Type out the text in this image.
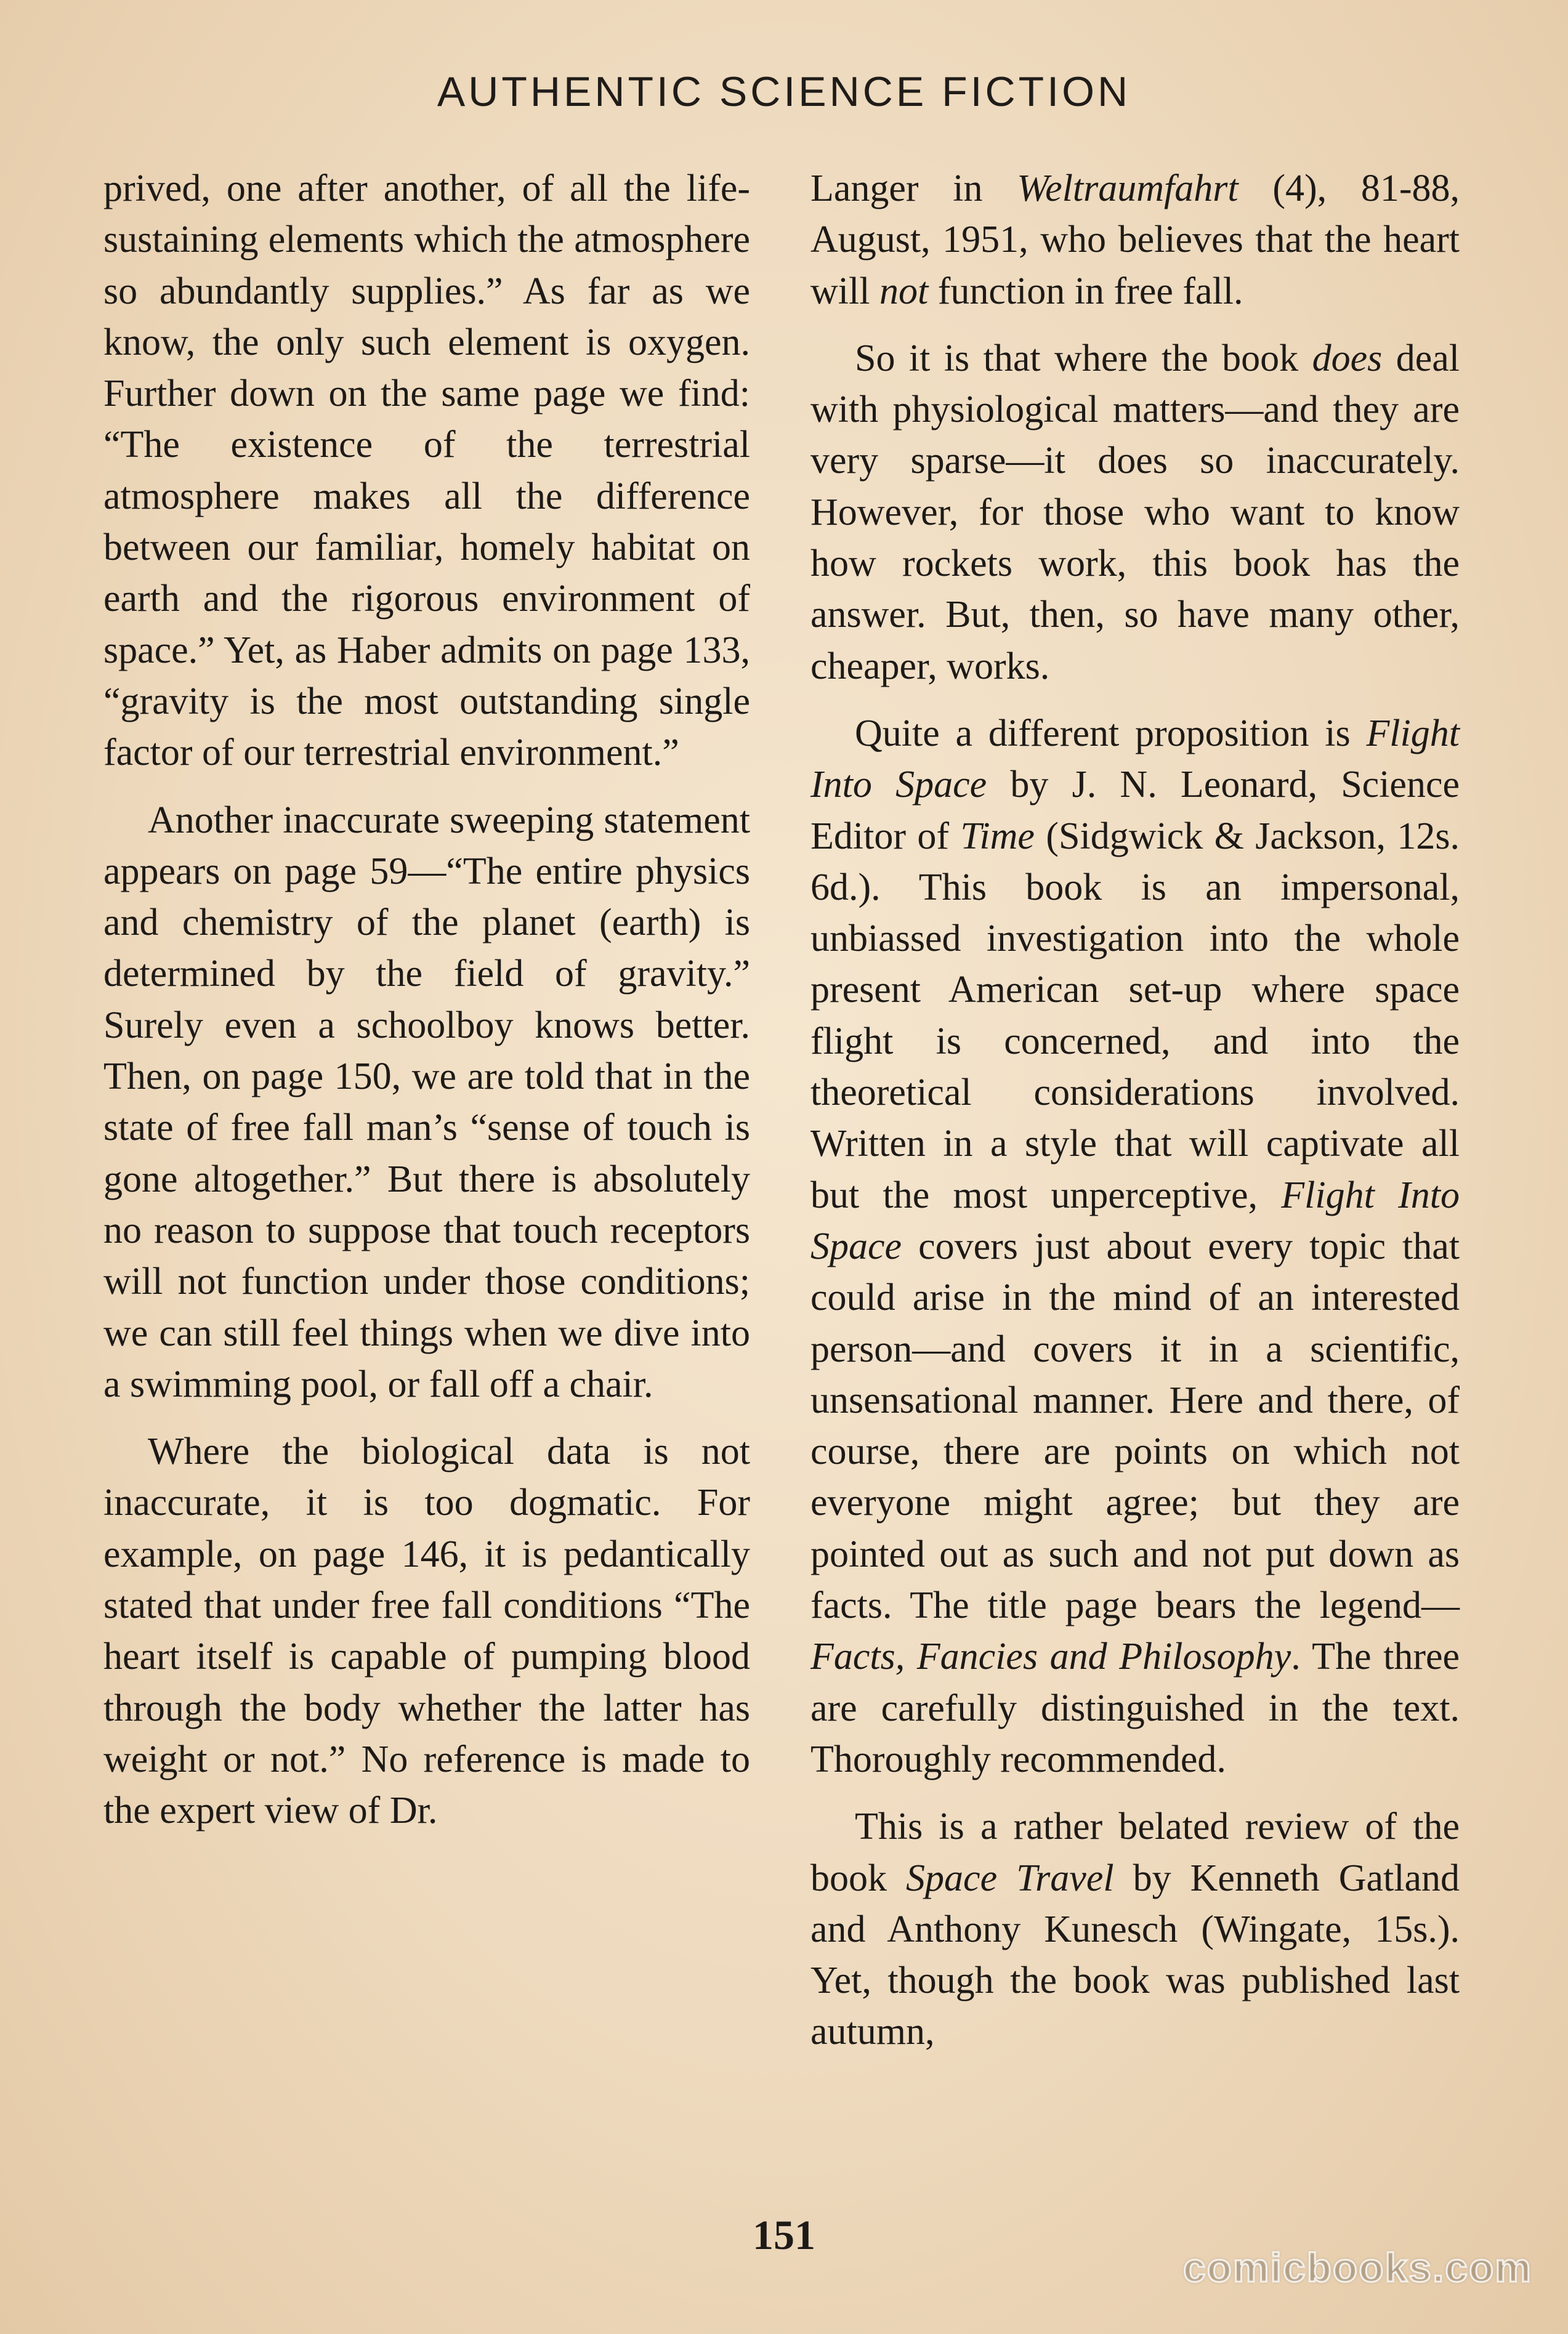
AUTHENTIC SCIENCE FICTION

prived, one after another, of all the life-sustaining elements which the atmosphere so abundantly supplies.” As far as we know, the only such element is oxygen. Further down on the same page we find: “The existence of the terrestrial atmosphere makes all the difference between our familiar, homely habitat on earth and the rigorous environment of space.” Yet, as Haber admits on page 133, “gravity is the most outstanding single factor of our terrestrial environment.”

Another inaccurate sweeping statement appears on page 59—“The entire physics and chemistry of the planet (earth) is determined by the field of gravity.” Surely even a schoolboy knows better. Then, on page 150, we are told that in the state of free fall man’s “sense of touch is gone altogether.” But there is absolutely no reason to suppose that touch receptors will not function under those conditions; we can still feel things when we dive into a swimming pool, or fall off a chair.

Where the biological data is not inaccurate, it is too dogmatic. For example, on page 146, it is pedantically stated that under free fall conditions “The heart itself is capable of pumping blood through the body whether the latter has weight or not.” No reference is made to the expert view of Dr.

Langer in Weltraumfahrt (4), 81-88, August, 1951, who believes that the heart will not function in free fall.

So it is that where the book does deal with physiological matters—and they are very sparse—it does so inaccurately. However, for those who want to know how rockets work, this book has the answer. But, then, so have many other, cheaper, works.

Quite a different proposition is Flight Into Space by J. N. Leonard, Science Editor of Time (Sidgwick & Jackson, 12s. 6d.). This book is an impersonal, unbiassed investigation into the whole present American set-up where space flight is concerned, and into the theoretical considerations involved. Written in a style that will captivate all but the most unperceptive, Flight Into Space covers just about every topic that could arise in the mind of an interested person—and covers it in a scientific, unsensational manner. Here and there, of course, there are points on which not everyone might agree; but they are pointed out as such and not put down as facts. The title page bears the legend—Facts, Fancies and Philosophy. The three are carefully distinguished in the text. Thoroughly recommended.

This is a rather belated review of the book Space Travel by Kenneth Gatland and Anthony Kunesch (Wingate, 15s.). Yet, though the book was published last autumn,

151
comicbooks.com
